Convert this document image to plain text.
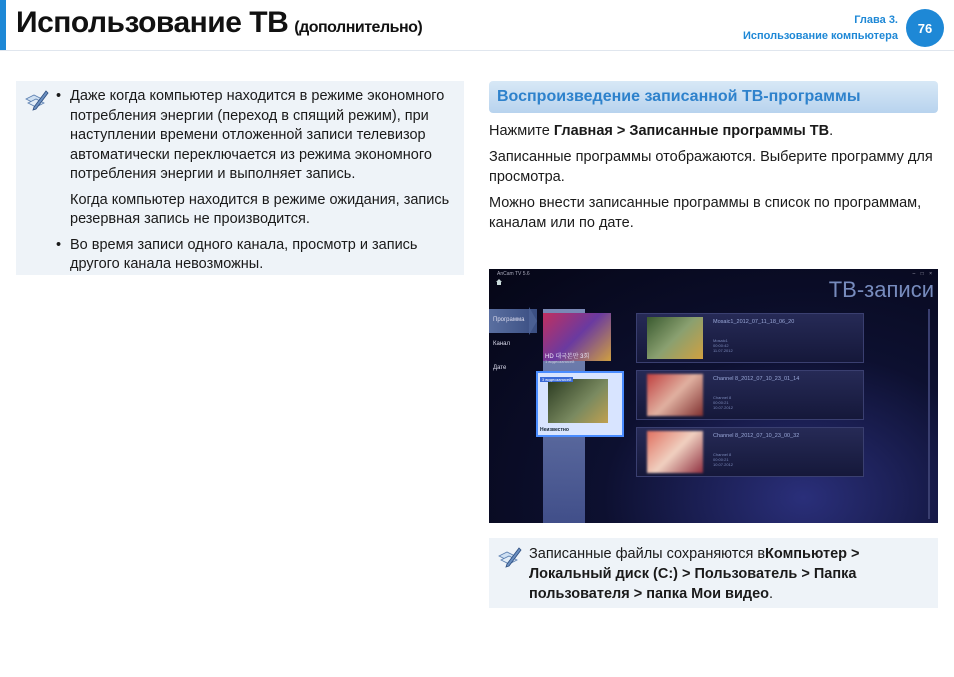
Использование ТВ (дополнительно)	Глава 3.
Использование компьютера
76
• Даже когда компьютер находится в режиме экономного потребления энергии (переход в спящий режим), при наступлении времени отложенной записи телевизор автоматически переключается из режима экономного потребления энергии и выполняет запись.
Когда компьютер находится в режиме ожидания, запись резервная запись не производится.
• Во время записи одного канала, просмотр и запись другого канала невозможны.
Воспроизведение записанной ТВ-программы

Нажмите Главная > Записанные программы ТВ.

Записанные программы отображаются. Выберите программу для просмотра.

Можно внести записанные программы в список по программам, каналам или по дате.

AnCam TV 5.6	– □ ×
ТВ-записи
Программа
Канал
Дате
HD 대국본만 3회
1 видеозаписей
3 видеозаписей
Неизвестно
Mosaic1_2012_07_11_18_06_20
Mosaic1
00:00:42
11.07.2012
Channel 8_2012_07_10_23_01_14
Channel 8
00:00:21
10.07.2012
Channel 8_2012_07_10_23_00_32
Channel 8
00:00:21
10.07.2012

Записанные файлы сохраняются вКомпьютер > Локальный диск (C:) > Пользователь > Папка пользователя > папка Мои видео.
